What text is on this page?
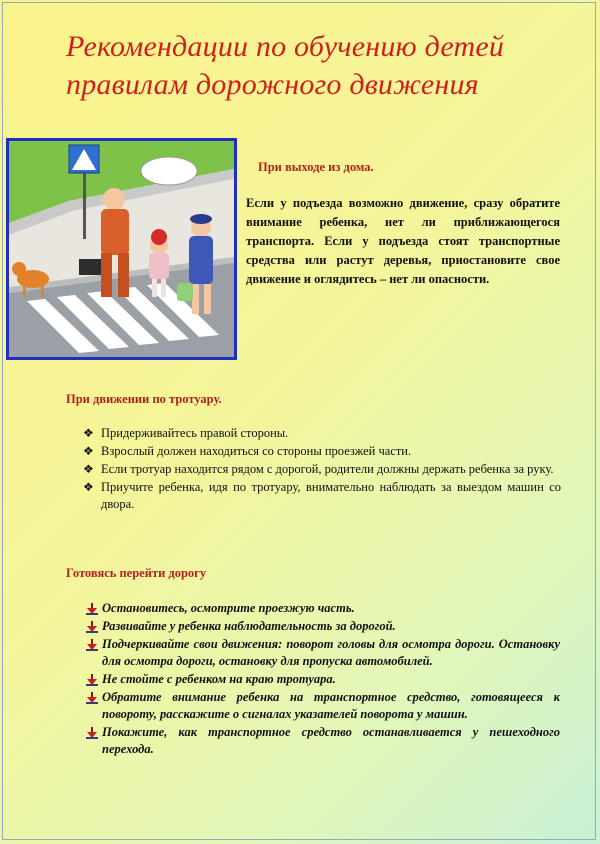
Рекомендации по обучению детей правилам дорожного движения

При выходе из дома.

Если у подъезда возможно движение, сразу обратите внимание ребенка, нет ли приближающегося транспорта. Если у подъезда стоят транспортные средства или растут деревья, приостановите свое движение и оглядитесь – нет ли опасности.

При движении по тротуару.

❖ Придерживайтесь правой стороны.
❖ Взрослый должен находиться со стороны проезжей части.
❖ Если тротуар находится рядом с дорогой, родители должны держать ребенка за руку.
❖ Приучите ребенка, идя по тротуару, внимательно наблюдать за выездом машин со двора.

Готовясь перейти дорогу

Остановитесь, осмотрите проезжую часть.
Развивайте у ребенка наблюдательность за дорогой.
Подчеркивайте свои движения: поворот головы для осмотра дороги. Остановку для осмотра дороги, остановку для пропуска автомобилей.
Не стойте с ребенком на краю тротуара.
Обратите внимание ребенка на транспортное средство, готовящееся к повороту, расскажите о сигналах указателей поворота у машин.
Покажите, как транспортное средство останавливается у пешеходного перехода.
